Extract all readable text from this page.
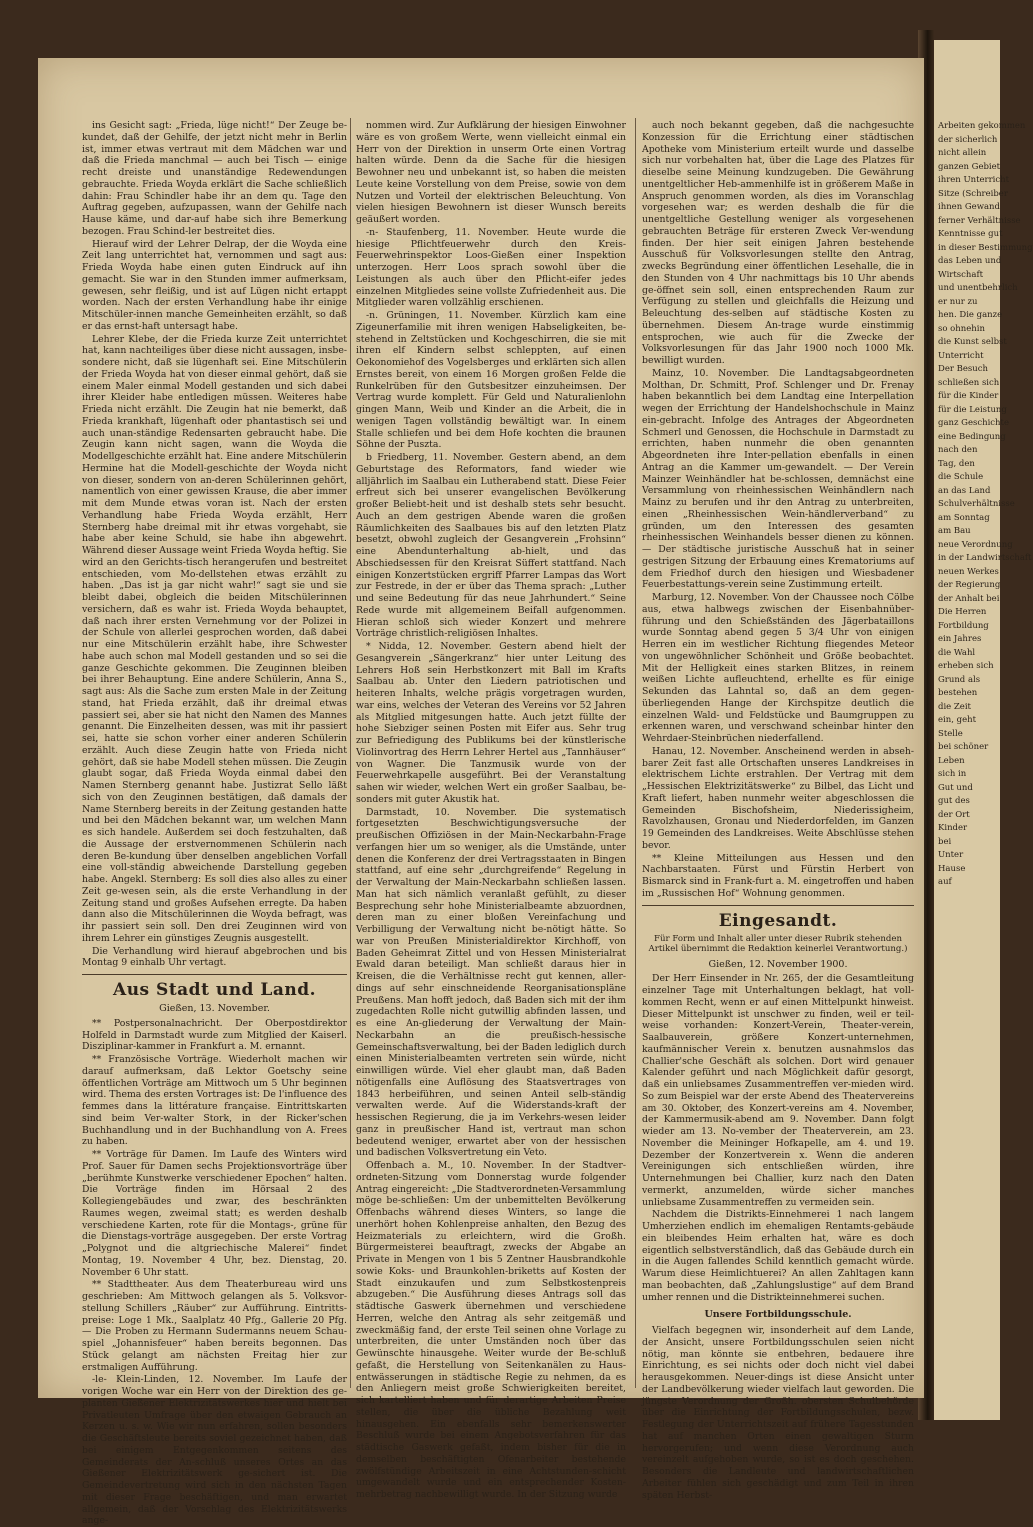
Arbeiten gekommen

der sicherlich

nicht allein

ganzen Gebiet

ihren Unterricht

Sitze (Schreiber

ihnen Gewand

ferner Verhältnisse

Kenntnisse gut

in dieser Bestimmung

das Leben und

Wirtschaft

und unentbehrlich

er nur zu

hen. Die ganze

so ohnehin

die Kunst selbst

Unterricht

Der Besuch

schließen sich

für die Kinder

für die Leistung

ganz Geschichte

eine Bedingung

nach den

Tag, den

die Schule

an das Land

Schulverhältnisse

am Sonntag

am Bau

neue Verordnung

in der Landwirtschaft

neuen Werkes

der Regierung

der Anhalt bei

Die Herren

Fortbildung

ein Jahres

die Wahl

erheben sich

Grund als

bestehen

die Zeit

ein, geht

Stelle

bei schöner

Leben

sich in

Gut und

gut des

der Ort

Kinder

bei

Unter

Hause

auf

ins Gesicht sagt: „Frieda, lüge nicht!“ Der Zeuge be-kundet, daß der Gehilfe, der jetzt nicht mehr in Berlin ist, immer etwas vertraut mit dem Mädchen war und daß die Frieda manchmal — auch bei Tisch — einige recht dreiste und unanständige Redewendungen gebrauchte. Frieda Woyda erklärt die Sache schließlich dahin: Frau Schindler habe ihr an dem qu. Tage den Auftrag gegeben, aufzupassen, wann der Gehilfe nach Hause käme, und dar-auf habe sich ihre Bemerkung bezogen. Frau Schind-ler bestreitet dies.

Hierauf wird der Lehrer Delrap, der die Woyda eine Zeit lang unterrichtet hat, vernommen und sagt aus: Frieda Woyda habe einen guten Eindruck auf ihn gemacht. Sie war in den Stunden immer aufmerksam, gewesen, sehr fleißig, und ist auf Lügen nicht ertappt worden. Nach der ersten Verhandlung habe ihr einige Mitschüler-innen manche Gemeinheiten erzählt, so daß er das ernst-haft untersagt habe.

Lehrer Klebe, der die Frieda kurze Zeit unterrichtet hat, kann nachteiliges über diese nicht aussagen, insbe-sondere nicht, daß sie lügenhaft sei. Eine Mitschülerin der Frieda Woyda hat von dieser einmal gehört, daß sie einem Maler einmal Modell gestanden und sich dabei ihrer Kleider habe entledigen müssen. Weiteres habe Frieda nicht erzählt. Die Zeugin hat nie bemerkt, daß Frieda krankhaft, lügenhaft oder phantastisch sei und auch unan-ständige Redensarten gebraucht habe. Die Zeugin kann nicht sagen, wann die Woyda die Modellgeschichte erzählt hat. Eine andere Mitschülerin Hermine hat die Modell-geschichte der Woyda nicht von dieser, sondern von an-deren Schülerinnen gehört, namentlich von einer gewissen Krause, die aber immer mit dem Munde etwas voran ist. Nach der ersten Verhandlung habe Frieda Woyda erzählt, Herr Sternberg habe dreimal mit ihr etwas vorgehabt, sie habe aber keine Schuld, sie habe ihn abgewehrt. Während dieser Aussage weint Frieda Woyda heftig. Sie wird an den Gerichts-tisch herangerufen und bestreitet entschieden, vom Mo-dellstehen etwas erzählt zu haben. „Das ist ja gar nicht wahr!“ sagt sie und sie bleibt dabei, obgleich die beiden Mitschülerinnen versichern, daß es wahr ist. Frieda Woyda behauptet, daß nach ihrer ersten Vernehmung vor der Polizei in der Schule von allerlei gesprochen worden, daß dabei nur eine Mitschülerin erzählt habe, ihre Schwester habe auch schon mal Modell gestanden und so sei die ganze Geschichte gekommen. Die Zeuginnen bleiben bei ihrer Behauptung. Eine andere Schülerin, Anna S., sagt aus: Als die Sache zum ersten Male in der Zeitung stand, hat Frieda erzählt, daß ihr dreimal etwas passiert sei, aber sie hat nicht den Namen des Mannes genannt. Die Einzelheiten dessen, was mit ihr passiert sei, hatte sie schon vorher einer anderen Schülerin erzählt. Auch diese Zeugin hatte von Frieda nicht gehört, daß sie habe Modell stehen müssen. Die Zeugin glaubt sogar, daß Frieda Woyda einmal dabei den Namen Sternberg genannt habe. Justizrat Sello läßt sich von den Zeuginnen bestätigen, daß damals der Name Sternberg bereits in der Zeitung gestanden hatte und bei den Mädchen bekannt war, um welchen Mann es sich handele. Außerdem sei doch festzuhalten, daß die Aussage der erstvernommenen Schülerin nach deren Be-kundung über denselben angeblichen Vorfall eine voll-ständig abweichende Darstellung gegeben habe. Angekl. Sternberg: Es soll dies also alles zu einer Zeit ge-wesen sein, als die erste Verhandlung in der Zeitung stand und großes Aufsehen erregte. Da haben dann also die Mitschülerinnen die Woyda befragt, was ihr passiert sein soll. Den drei Zeuginnen wird von ihrem Lehrer ein günstiges Zeugnis ausgestellt.

Die Verhandlung wird hierauf abgebrochen und bis Montag 9 einhalb Uhr vertagt.

Aus Stadt und Land.
Gießen, 13. November.

** Postpersonalnachricht. Der Oberpostdirektor Holfeld in Darmstadt wurde zum Mitglied der Kaiserl. Disziplinar-kammer in Frankfurt a. M. ernannt.

** Französische Vorträge. Wiederholt machen wir darauf aufmerksam, daß Lektor Goetschy seine öffentlichen Vorträge am Mittwoch um 5 Uhr beginnen wird. Thema des ersten Vortrages ist: De l'influence des femmes dans la littérature française. Eintrittskarten sind beim Ver-walter Stork, in der Ricker'schen Buchhandlung und in der Buchhandlung von A. Frees zu haben.

** Vorträge für Damen. Im Laufe des Winters wird Prof. Sauer für Damen sechs Projektionsvorträge über „berühmte Kunstwerke verschiedener Epochen“ halten. Die Vorträge finden im Hörsaal 2 des Kollegiengebäudes und zwar, des beschränkten Raumes wegen, zweimal statt; es werden deshalb verschiedene Karten, rote für die Montags-, grüne für die Dienstags-vorträge ausgegeben. Der erste Vortrag „Polygnot und die altgriechische Malerei“ findet Montag, 19. November 4 Uhr, bez. Dienstag, 20. November 6 Uhr statt.

** Stadttheater. Aus dem Theaterbureau wird uns geschrieben: Am Mittwoch gelangen als 5. Volksvor-stellung Schillers „Räuber“ zur Aufführung. Eintritts-preise: Loge 1 Mk., Saalplatz 40 Pfg., Gallerie 20 Pfg. — Die Proben zu Hermann Sudermanns neuem Schau-spiel „Johannisfeuer“ haben bereits begonnen. Das Stück gelangt am nächsten Freitag hier zur erstmaligen Aufführung.

-le- Klein-Linden, 12. November. Im Laufe der vorigen Woche war ein Herr von der Direktion des ge-planten Gießener Elektrizitätswerkes hier und hielt bei Privatleuten Umfrage über den etwaigen Gebrauch an Kerzen u. s. w. Wie wir nun erfahren, sollen besonders die Geschäftsleute bereits soviel gezeichnet haben, daß bei einigem Entgegenkommen seitens des Gemeinderats der An-schluß unseres Ortes an das Gießener Elektrizitätswerk ge-sichert ist. Die Gemeindevertretung wird sich in den nächsten Tagen mit dieser Frage beschäftigen, und man erwartet allgemein, daß der Vorschlag des Elektrizitätswerks ange-

nommen wird. Zur Aufklärung der hiesigen Einwohner wäre es von großem Werte, wenn vielleicht einmal ein Herr von der Direktion in unserm Orte einen Vortrag halten würde. Denn da die Sache für die hiesigen Bewohner neu und unbekannt ist, so haben die meisten Leute keine Vorstellung von dem Preise, sowie von dem Nutzen und Vorteil der elektrischen Beleuchtung. Von vielen hiesigen Bewohnern ist dieser Wunsch bereits geäußert worden.

-n- Staufenberg, 11. November. Heute wurde die hiesige Pflichtfeuerwehr durch den Kreis-Feuerwehrinspektor Loos-Gießen einer Inspektion unterzogen. Herr Loos sprach sowohl über die Leistungen als auch über den Pflicht-eifer jedes einzelnen Mitgliedes seine vollste Zufriedenheit aus. Die Mitglieder waren vollzählig erschienen.

-n. Grüningen, 11. November. Kürzlich kam eine Zigeunerfamilie mit ihren wenigen Habseligkeiten, be-stehend in Zeltstücken und Kochgeschirren, die sie mit ihren elf Kindern selbst schleppten, auf einen Oekonomiehof des Vogelsberges und erklärten sich allen Ernstes bereit, von einem 16 Morgen großen Felde die Runkelrüben für den Gutsbesitzer einzuheimsen. Der Vertrag wurde komplett. Für Geld und Naturalienlohn gingen Mann, Weib und Kinder an die Arbeit, die in wenigen Tagen vollständig bewältigt war. In einem Stalle schliefen und bei dem Hofe kochten die braunen Söhne der Puszta.

b Friedberg, 11. November. Gestern abend, an dem Geburtstage des Reformators, fand wieder wie alljährlich im Saalbau ein Lutherabend statt. Diese Feier erfreut sich bei unserer evangelischen Bevölkerung großer Beliebt-heit und ist deshalb stets sehr besucht. Auch an dem gestrigen Abende waren die großen Räumlichkeiten des Saalbaues bis auf den letzten Platz besetzt, obwohl zugleich der Gesangverein „Frohsinn“ eine Abendunterhaltung ab-hielt, und das Abschiedsessen für den Kreisrat Süffert stattfand. Nach einigen Konzertstücken ergriff Pfarrer Lampas das Wort zur Festrede, in der er über das Thema sprach: „Luther und seine Bedeutung für das neue Jahrhundert.“ Seine Rede wurde mit allgemeinem Beifall aufgenommen. Hieran schloß sich wieder Konzert und mehrere Vorträge christlich-religiösen Inhaltes.

* Nidda, 12. November. Gestern abend hielt der Gesangverein „Sängerkranz“ hier unter Leitung des Lehrers Hoß sein Herbstkonzert mit Ball im Krafts Saalbau ab. Unter den Liedern patriotischen und heiteren Inhalts, welche prägis vorgetragen wurden, war eins, welches der Veteran des Vereins vor 52 Jahren als Mitglied mitgesungen hatte. Auch jetzt füllte der hohe Siebziger seinen Posten mit Eifer aus. Sehr trug zur Befriedigung des Publikums bei der künstlerische Violinvortrag des Herrn Lehrer Hertel aus „Tannhäuser“ von Wagner. Die Tanzmusik wurde von der Feuerwehrkapelle ausgeführt. Bei der Veranstaltung sahen wir wieder, welchen Wert ein großer Saalbau, be-sonders mit guter Akustik hat.

Darmstadt, 10. November. Die systematisch fortgesetzten Beschwichtigungsversuche der preußischen Offiziösen in der Main-Neckarbahn-Frage verfangen hier um so weniger, als die Umstände, unter denen die Konferenz der drei Vertragsstaaten in Bingen stattfand, auf eine sehr „durchgreifende“ Regelung in der Verwaltung der Main-Neckarbahn schließen lassen. Man hat sich nämlich veranlaßt gefühlt, zu dieser Besprechung sehr hohe Ministerialbeamte abzuordnen, deren man zu einer bloßen Vereinfachung und Verbilligung der Verwaltung nicht be-nötigt hätte. So war von Preußen Ministerialdirektor Kirchhoff, von Baden Geheimrat Zittel und von Hessen Ministerialrat Ewald daran beteiligt. Man schließt daraus hier in Kreisen, die die Verhältnisse recht gut kennen, aller-dings auf sehr einschneidende Reorganisationspläne Preußens. Man hofft jedoch, daß Baden sich mit der ihm zugedachten Rolle nicht gutwillig abfinden lassen, und es eine An-gliederung der Verwaltung der Main-Neckarbahn an die preußisch-hessische Gemeinschaftsverwaltung, bei der Baden lediglich durch einen Ministerialbeamten vertreten sein würde, nicht einwilligen würde. Viel eher glaubt man, daß Baden nötigenfalls eine Auflösung des Staatsvertrages von 1843 herbeiführen, und seinen Anteil selb-ständig verwalten werde. Auf die Widerstands-kraft der hessischen Regierung, die ja im Verkehrs-wesen leider ganz in preußischer Hand ist, vertraut man schon bedeutend weniger, erwartet aber von der hessischen und badischen Volksvertretung ein Veto.

Offenbach a. M., 10. November. In der Stadtver-ordneten-Sitzung vom Donnerstag wurde folgender Antrag eingereicht: „Die Stadtverordneten-Versammlung möge be-schließen: Um der unbemittelten Bevölkerung Offenbachs während dieses Winters, so lange die unerhört hohen Kohlenpreise anhalten, den Bezug des Heizmaterials zu erleichtern, wird die Großh. Bürgermeisterei beauftragt, zwecks der Abgabe an Private in Mengen von 1 bis 5 Zentner Hausbrandkohle sowie Koks- und Braunkohlen-briketts auf Kosten der Stadt einzukaufen und zum Selbstkostenpreis abzugeben.“ Die Ausführung dieses Antrags soll das städtische Gaswerk übernehmen und verschiedene Herren, welche den Antrag als sehr zeitgemäß und zweckmäßig fand, der erste Teil seinen ohne Vorlage zu unterbreiten, die unter Umständen noch über das Gewünschte hinausgehe. Weiter wurde der Be-schluß gefaßt, die Herstellung von Seitenkanälen zu Haus-entwässerungen in städtische Regie zu nehmen, da es den Anliegern meist große Schwierigkeiten bereitet, sich kartelliert haben und für derartige Arbeiten Preise stellen, die über die übliche Bezahlung weit hinausgehen. Ein ebenfalls sehr bemerkenswerter Beschluß wurde bei einem Angebotsverfahren für das städtische Gaswerk gefaßt, indem bisher für die in demselben beschäftigten Ofenarbeiter bestehende zwölfstündige Arbeitszeit in eine Achtstunden-schicht umgewandelt wurde und ein entsprechender Kosten-mehrbetrag nachbewilligt wurde. In der Sitzung wurde

auch noch bekannt gegeben, daß die nachgesuchte Konzession für die Errichtung einer städtischen Apotheke vom Ministerium erteilt wurde und dasselbe sich nur vorbehalten hat, über die Lage des Platzes für dieselbe seine Meinung kundzugeben. Die Gewährung unentgeltlicher Heb-ammenhilfe ist in größerem Maße in Anspruch genommen worden, als dies im Voranschlag vorgesehen war; es werden deshalb die für die unentgeltliche Gestellung weniger als vorgesehenen gebrauchten Beträge für ersteren Zweck Ver-wendung finden. Der hier seit einigen Jahren bestehende Ausschuß für Volksvorlesungen stellte den Antrag, zwecks Begründung einer öffentlichen Lesehalle, die in den Stunden von 4 Uhr nachmittags bis 10 Uhr abends ge-öffnet sein soll, einen entsprechenden Raum zur Verfügung zu stellen und gleichfalls die Heizung und Beleuchtung des-selben auf städtische Kosten zu übernehmen. Diesem An-trage wurde einstimmig entsprochen, wie auch für die Zwecke der Volksvorlesungen für das Jahr 1900 noch 1000 Mk. bewilligt wurden.

Mainz, 10. November. Die Landtagsabgeordneten Molthan, Dr. Schmitt, Prof. Schlenger und Dr. Frenay haben bekanntlich bei dem Landtag eine Interpellation wegen der Errichtung der Handelshochschule in Mainz ein-gebracht. Infolge des Antrages der Abgeordneten Schmerl und Genossen, die Hochschule in Darmstadt zu errichten, haben nunmehr die oben genannten Abgeordneten ihre Inter-pellation ebenfalls in einen Antrag an die Kammer um-gewandelt. — Der Verein Mainzer Weinhändler hat be-schlossen, demnächst eine Versammlung von rheinhessischen Weinhändlern nach Mainz zu berufen und ihr den Antrag zu unterbreiten, einen „Rheinhessischen Wein-händlerverband“ zu gründen, um den Interessen des gesamten rheinhessischen Weinhandels besser dienen zu können. — Der städtische juristische Ausschuß hat in seiner gestrigen Sitzung der Erbauung eines Krematoriums auf dem Friedhof durch den hiesigen und Wiesbadener Feuerbestattungs-verein seine Zustimmung erteilt.

Marburg, 12. November. Von der Chaussee noch Cölbe aus, etwa halbwegs zwischen der Eisenbahnüber-führung und den Schießständen des Jägerbataillons wurde Sonntag abend gegen 5 3/4 Uhr von einigen Herren ein im westlicher Richtung fliegendes Meteor von ungewöhnlicher Schönheit und Größe beobachtet. Mit der Helligkeit eines starken Blitzes, in reinem weißen Lichte aufleuchtend, erhellte es für einige Sekunden das Lahntal so, daß an dem gegen-überliegenden Hange der Kirchspitze deutlich die einzelnen Wald- und Feldstücke und Baumgruppen zu erkennen waren, und verschwand scheinbar hinter den Wehrdaer-Steinbrüchen niederfallend.

Hanau, 12. November. Anscheinend werden in abseh-barer Zeit fast alle Ortschaften unseres Landkreises in elektrischem Lichte erstrahlen. Der Vertrag mit dem „Hessischen Elektrizitätswerke“ zu Bilbel, das Licht und Kraft liefert, haben nunmehr weiter abgeschlossen die Gemeinden Bischofsheim, Niederissigheim, Ravolzhausen, Gronau und Niederdorfelden, im Ganzen 19 Gemeinden des Landkreises. Weite Abschlüsse stehen bevor.

** Kleine Mitteilungen aus Hessen und den Nachbarstaaten. Fürst und Fürstin Herbert von Bismarck sind in Frank-furt a. M. eingetroffen und haben im „Russischen Hof“ Wohnung genommen.

Eingesandt.
Für Form und Inhalt aller unter dieser Rubrik stehenden Artikel übernimmt die Redaktion keinerlei Verantwortung.)
Gießen, 12. November 1900.

Der Herr Einsender in Nr. 265, der die Gesamtleitung einzelner Tage mit Unterhaltungen beklagt, hat voll-kommen Recht, wenn er auf einen Mittelpunkt hinweist. Dieser Mittelpunkt ist unschwer zu finden, weil er teil-weise vorhanden: Konzert-Verein, Theater-verein, Saalbauverein, größere Konzert-unternehmen, kaufmännischer Verein x. benutzen ausnahmslos das Challier'sche Geschäft als solchen. Dort wird genauer Kalender geführt und nach Möglichkeit dafür gesorgt, daß ein unliebsames Zusammentreffen ver-mieden wird. So zum Beispiel war der erste Abend des Theatervereins am 30. Oktober, des Konzert-vereins am 4. November, der Kammermusik-abend am 9. November. Dann folgt wieder am 13. No-vember der Theaterverein, am 23. November die Meininger Hofkapelle, am 4. und 19. Dezember der Konzertverein x. Wenn die anderen Vereinigungen sich entschließen würden, ihre Unternehmungen bei Challier, kurz nach den Daten vermerkt, anzumelden, würde sicher manches unliebsame Zusammentreffen zu vermeiden sein.

Nachdem die Distrikts-Einnehmerei 1 nach langem Umherziehen endlich im ehemaligen Rentamts-gebäude ein bleibendes Heim erhalten hat, wäre es doch eigentlich selbstverständlich, daß das Gebäude durch ein in die Augen fallendes Schild kenntlich gemacht würde. Warum diese Heimlichtuerei? An allen Zahltagen kann man beobachten, daß „Zahlungslustige“ auf dem Brand umher rennen und die Distrikteinnehmerei suchen.

Unsere Fortbildungsschule.

Vielfach begegnen wir, insonderheit auf dem Lande, der Ansicht, unsere Fortbildungsschulen seien nicht nötig, man könnte sie entbehren, bedauere ihre Einrichtung, es sei nichts oder doch nicht viel dabei herausgekommen. Neuer-dings ist diese Ansicht unter der Landbevölkerung wieder vielfach laut geworden. Die jüngste Verordnung der Großh. obersten Schulbehörde über die Einrichtung der Fortbildungsschulen, bezw. Festlegung der Unterrichtszeit auf frühere Tagesstunden hat auf manchen Orten einen gewaltigen Sturm hervorgerufen; und wenn diese Verordnung auch vereinzelt aufgehoben wurde, so ist es doch geschehen. Besonders die Landleute und landwirtschaftlichen Arbeiter fühlen sich geschädigt und zum Teil in ihren späten Herbst-
